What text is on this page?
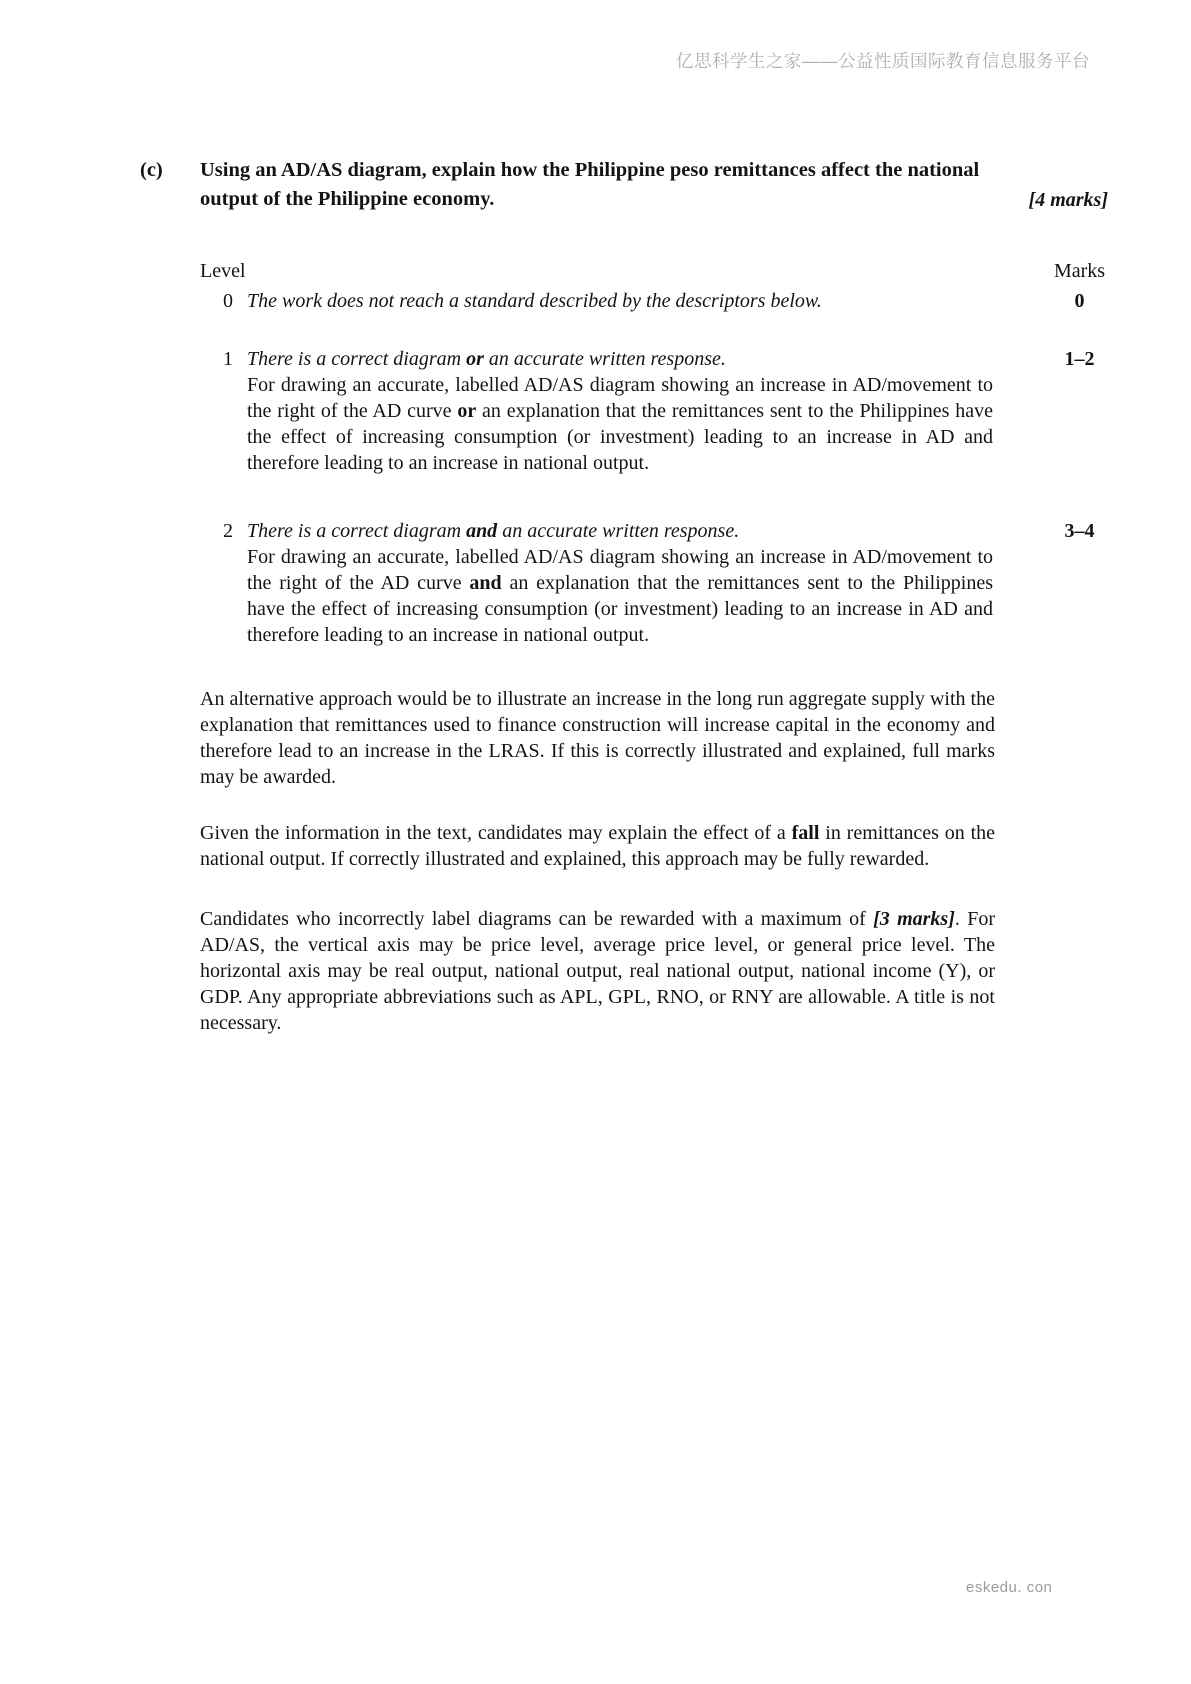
亿思科学生之家——公益性质国际教育信息服务平台
(c)	Using an AD/AS diagram, explain how the Philippine peso remittances affect the national output of the Philippine economy.	[4 marks]
Level	Marks
0 The work does not reach a standard described by the descriptors below.	0
1 There is a correct diagram or an accurate written response.	1–2
For drawing an accurate, labelled AD/AS diagram showing an increase in AD/movement to the right of the AD curve or an explanation that the remittances sent to the Philippines have the effect of increasing consumption (or investment) leading to an increase in AD and therefore leading to an increase in national output.
2 There is a correct diagram and an accurate written response.	3–4
For drawing an accurate, labelled AD/AS diagram showing an increase in AD/movement to the right of the AD curve and an explanation that the remittances sent to the Philippines have the effect of increasing consumption (or investment) leading to an increase in AD and therefore leading to an increase in national output.

An alternative approach would be to illustrate an increase in the long run aggregate supply with the explanation that remittances used to finance construction will increase capital in the economy and therefore lead to an increase in the LRAS. If this is correctly illustrated and explained, full marks may be awarded.

Given the information in the text, candidates may explain the effect of a fall in remittances on the national output. If correctly illustrated and explained, this approach may be fully rewarded.

Candidates who incorrectly label diagrams can be rewarded with a maximum of [3 marks]. For AD/AS, the vertical axis may be price level, average price level, or general price level. The horizontal axis may be real output, national output, real national output, national income (Y), or GDP. Any appropriate abbreviations such as APL, GPL, RNO, or RNY are allowable. A title is not necessary.

eskedu. con
